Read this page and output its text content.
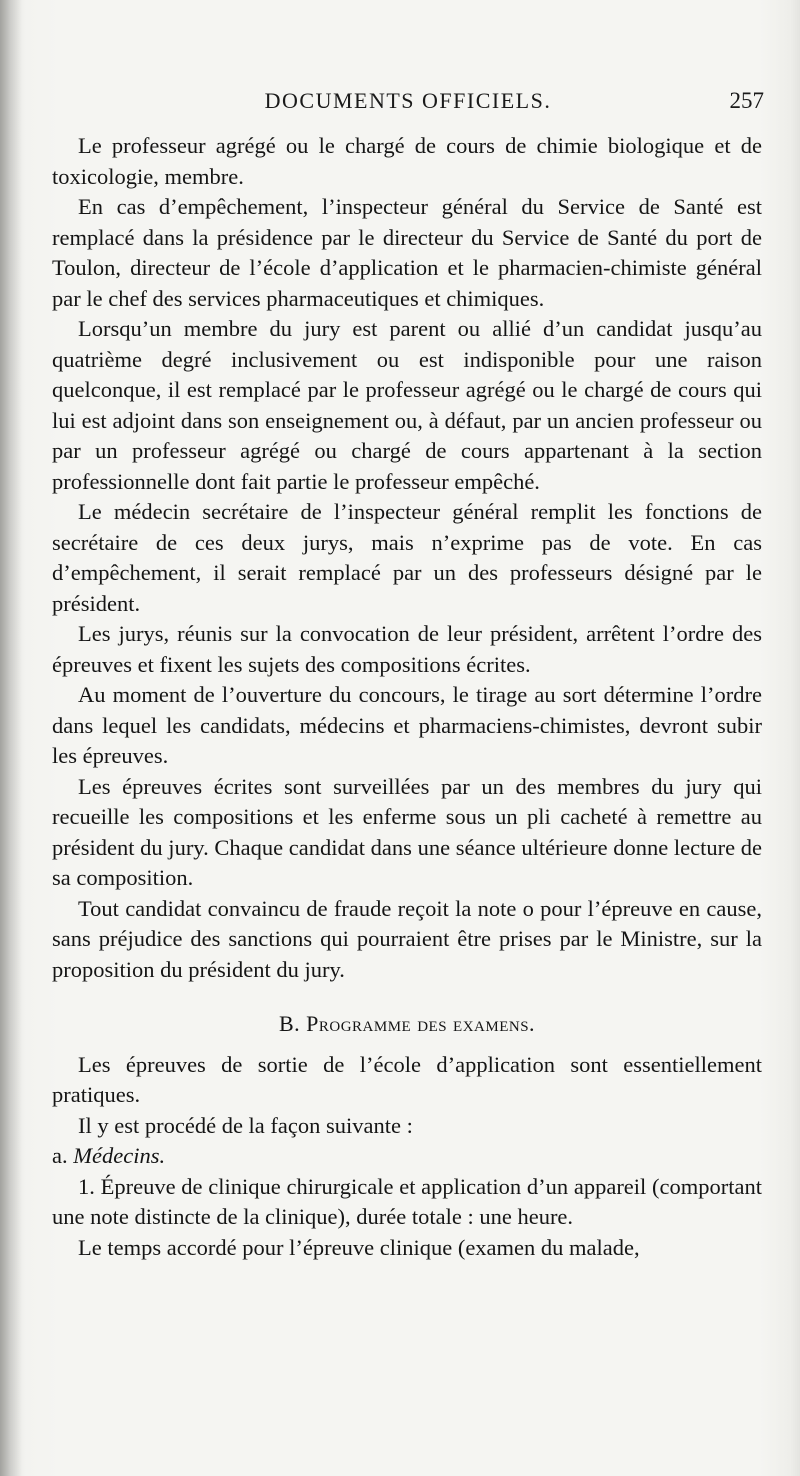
DOCUMENTS OFFICIELS.	257

Le professeur agrégé ou le chargé de cours de chimie biologique et de toxicologie, membre.

En cas d’empêchement, l’inspecteur général du Service de Santé est remplacé dans la présidence par le directeur du Service de Santé du port de Toulon, directeur de l’école d’application et le pharmacien-chimiste général par le chef des services pharmaceutiques et chimiques.

Lorsqu’un membre du jury est parent ou allié d’un candidat jusqu’au quatrième degré inclusivement ou est indisponible pour une raison quelconque, il est remplacé par le professeur agrégé ou le chargé de cours qui lui est adjoint dans son enseignement ou, à défaut, par un ancien professeur ou par un professeur agrégé ou chargé de cours appartenant à la section professionnelle dont fait partie le professeur empêché.

Le médecin secrétaire de l’inspecteur général remplit les fonctions de secrétaire de ces deux jurys, mais n’exprime pas de vote. En cas d’empêchement, il serait remplacé par un des professeurs désigné par le président.

Les jurys, réunis sur la convocation de leur président, arrêtent l’ordre des épreuves et fixent les sujets des compositions écrites.

Au moment de l’ouverture du concours, le tirage au sort détermine l’ordre dans lequel les candidats, médecins et pharmaciens-chimistes, devront subir les épreuves.

Les épreuves écrites sont surveillées par un des membres du jury qui recueille les compositions et les enferme sous un pli cacheté à remettre au président du jury. Chaque candidat dans une séance ultérieure donne lecture de sa composition.

Tout candidat convaincu de fraude reçoit la note o pour l’épreuve en cause, sans préjudice des sanctions qui pourraient être prises par le Ministre, sur la proposition du président du jury.

B. Programme des examens.

Les épreuves de sortie de l’école d’application sont essentiellement pratiques.

Il y est procédé de la façon suivante :

a. Médecins.

1. Épreuve de clinique chirurgicale et application d’un appareil (comportant une note distincte de la clinique), durée totale : une heure.

Le temps accordé pour l’épreuve clinique (examen du malade,
